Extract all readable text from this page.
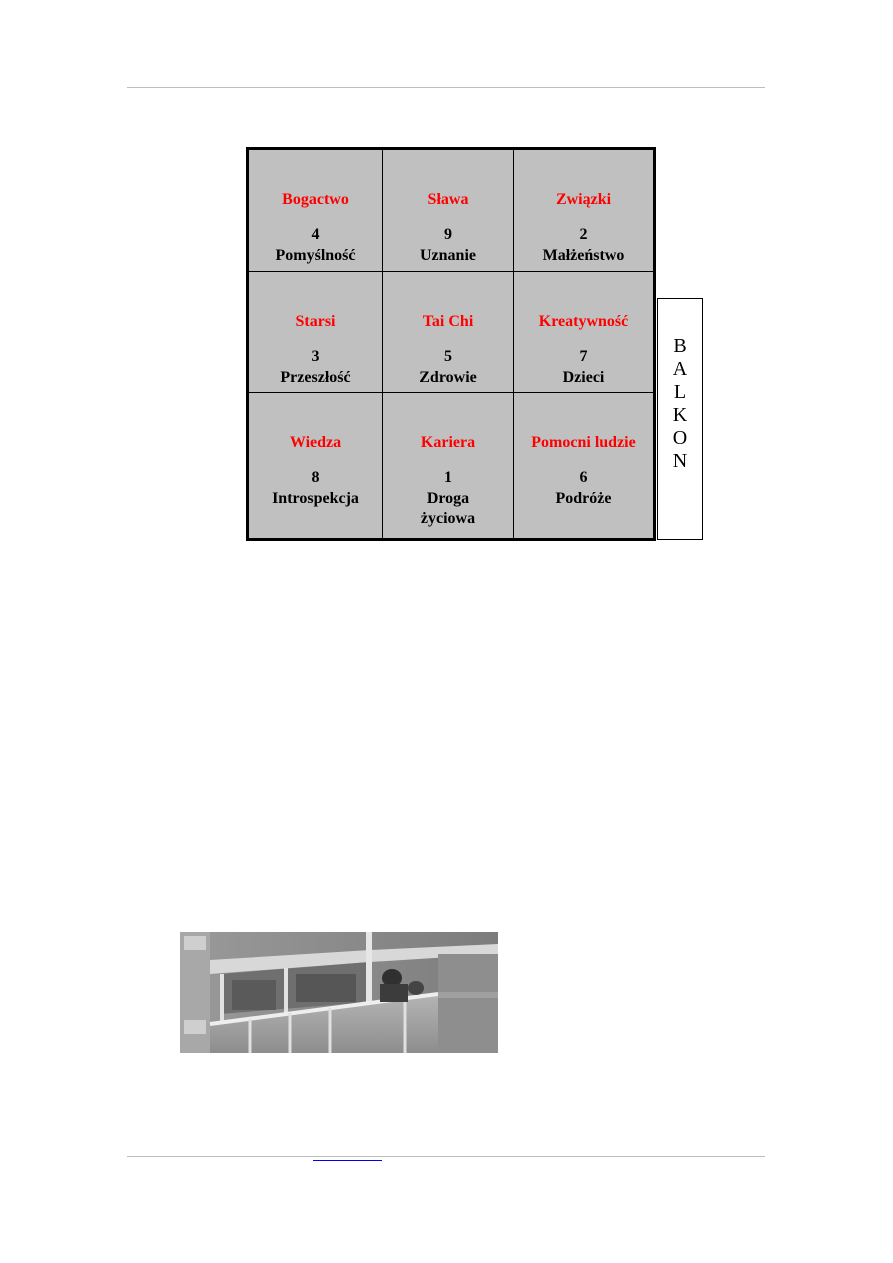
Bogactwo
4
Pomyślność
Sława
9
Uznanie
Związki
2
Małżeństwo
Starsi
3
Przeszłość
Tai Chi
5
Zdrowie
Kreatywność
7
Dzieci
Wiedza
8
Introspekcja
Kariera
1
Droga
życiowa
Pomocni ludzie
6
Podróże
B
A
L
K
O
N
